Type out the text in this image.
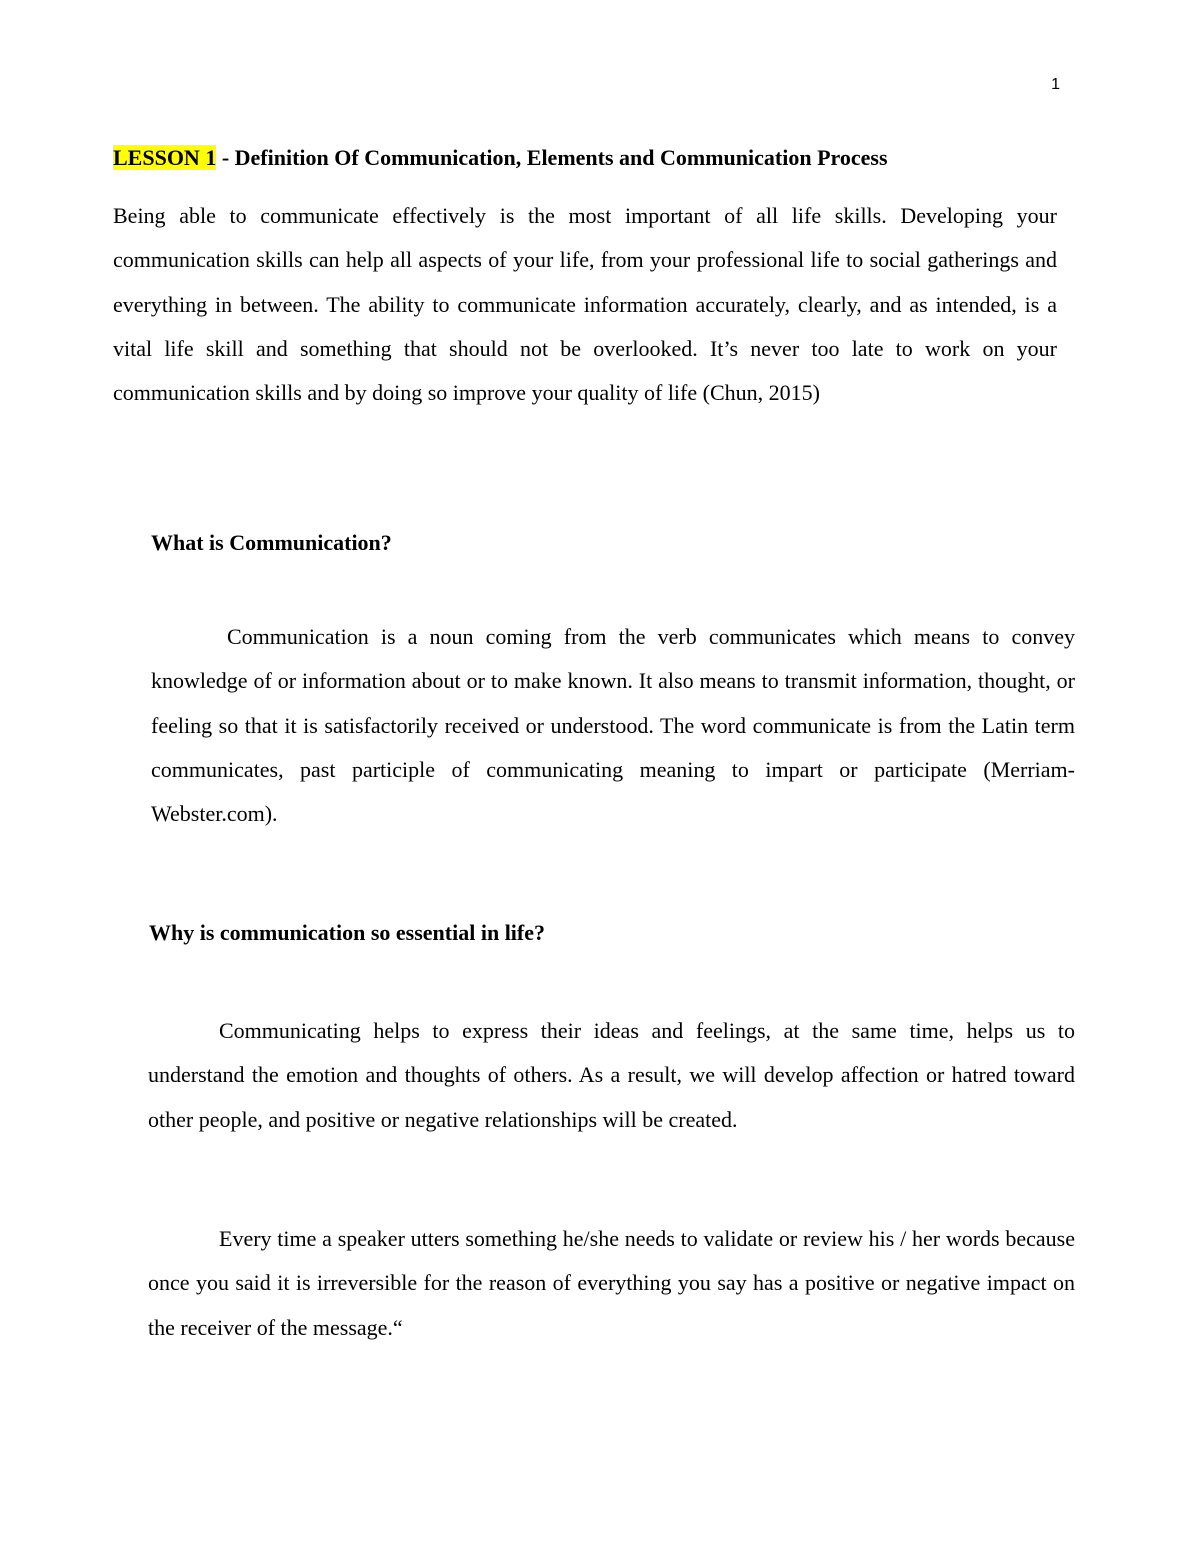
1
LESSON 1 - Definition Of Communication, Elements and Communication Process

Being able to communicate effectively is the most important of all life skills. Developing your communication skills can help all aspects of your life, from your professional life to social gatherings and everything in between. The ability to communicate information accurately, clearly, and as intended, is a vital life skill and something that should not be overlooked. It’s never too late to work on your communication skills and by doing so improve your quality of life (Chun, 2015)

What is Communication?

Communication is a noun coming from the verb communicates which means to convey knowledge of or information about or to make known. It also means to transmit information, thought, or feeling so that it is satisfactorily received or understood. The word communicate is from the Latin term communicates, past participle of communicating meaning to impart or participate (Merriam-Webster.com).

Why is communication so essential in life?

Communicating helps to express their ideas and feelings, at the same time, helps us to understand the emotion and thoughts of others. As a result, we will develop affection or hatred toward other people, and positive or negative relationships will be created.

Every time a speaker utters something he/she needs to validate or review his / her words because once you said it is irreversible for the reason of everything you say has a positive or negative impact on the receiver of the message.“
